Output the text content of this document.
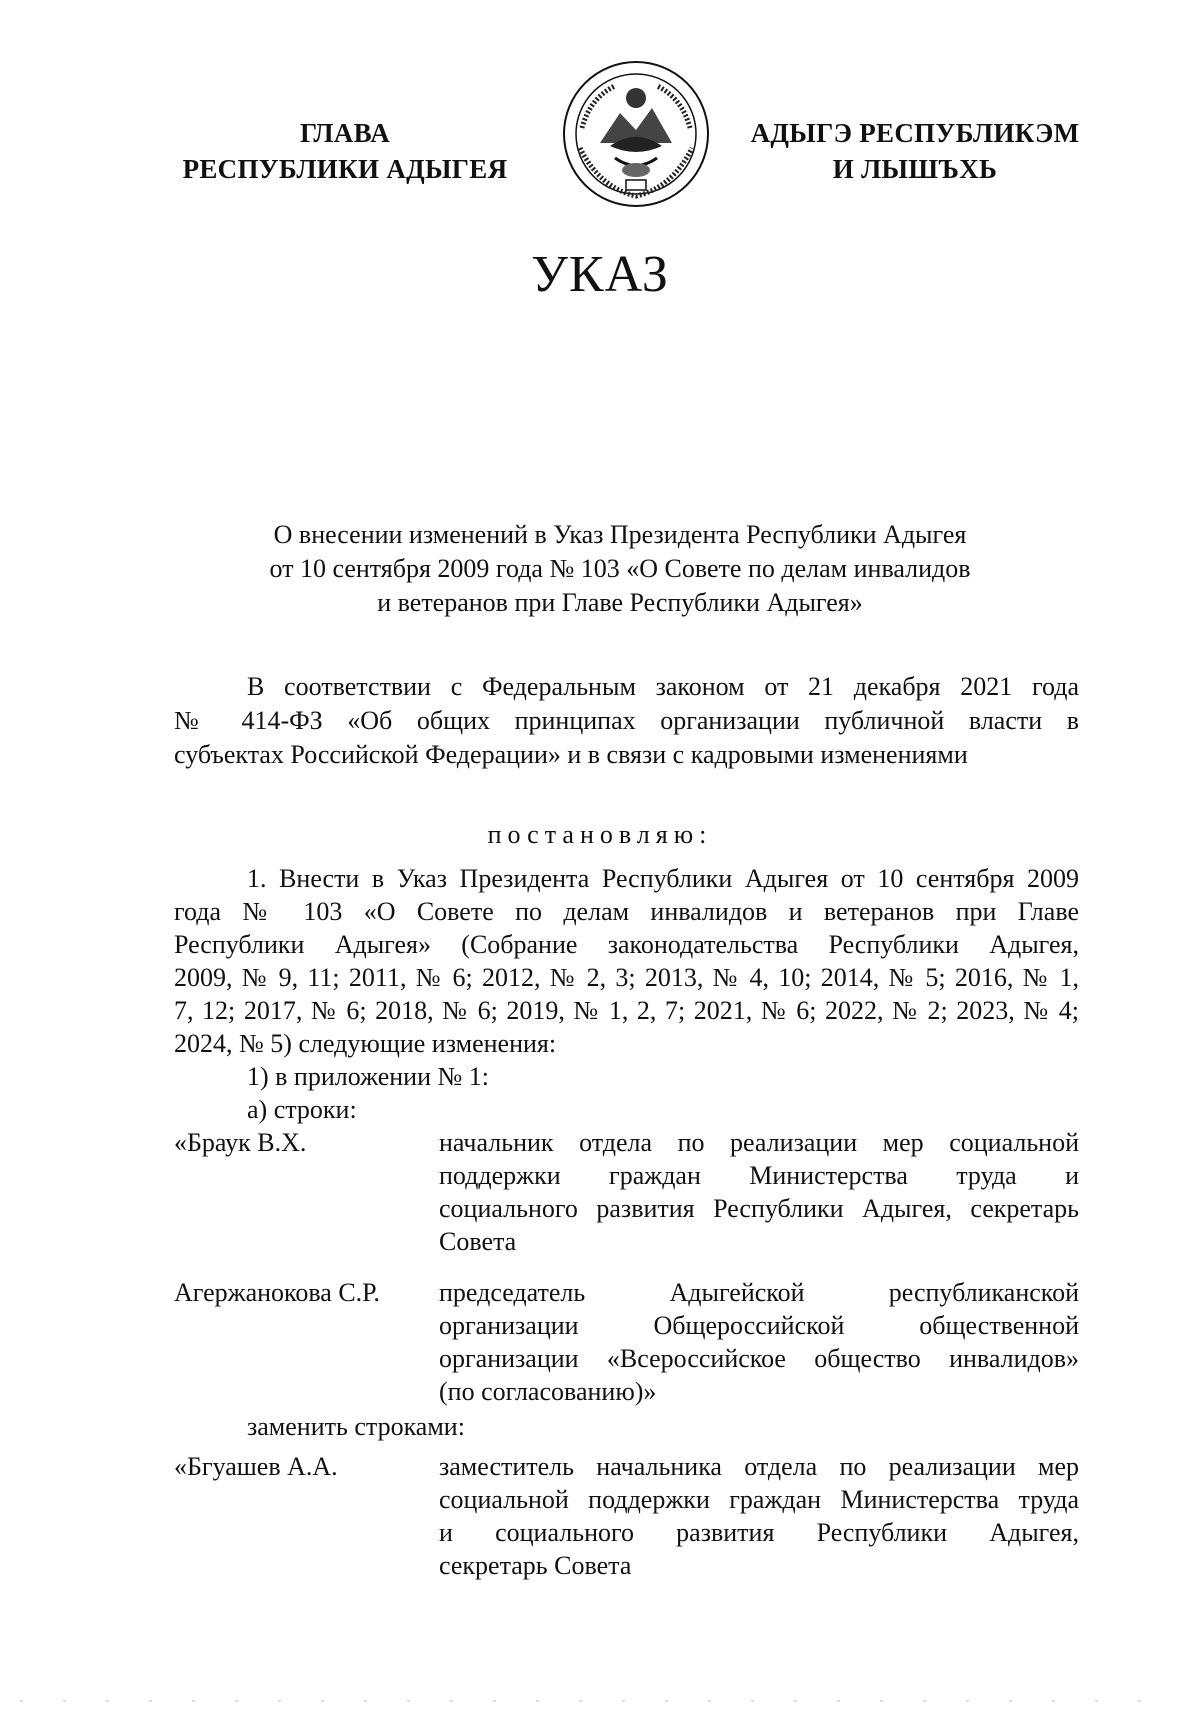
ГЛАВА
РЕСПУБЛИКИ АДЫГЕЯ
АДЫГЭ РЕСПУБЛИКЭМ
И ЛЫШЪХЬ
УКАЗ
О внесении изменений в Указ Президента Республики Адыгея
от 10 сентября 2009 года № 103 «О Совете по делам инвалидов
и ветеранов при Главе Республики Адыгея»
В соответствии с Федеральным законом от 21 декабря 2021 года
№ 414-ФЗ «Об общих принципах организации публичной власти в
субъектах Российской Федерации» и в связи с кадровыми изменениями
постановляю:
1. Внести в Указ Президента Республики Адыгея от 10 сентября 2009
года № 103 «О Совете по делам инвалидов и ветеранов при Главе
Республики Адыгея» (Собрание законодательства Республики Адыгея,
2009, № 9, 11; 2011, № 6; 2012, № 2, 3; 2013, № 4, 10; 2014, № 5; 2016, № 1,
7, 12; 2017, № 6; 2018, № 6; 2019, № 1, 2, 7; 2021, № 6; 2022, № 2; 2023, № 4;
2024, № 5) следующие изменения:
1) в приложении № 1:
а) строки:
«Браук В.Х.	начальник отдела по реализации мер социальной
поддержки граждан Министерства труда и
социального развития Республики Адыгея, секретарь
Совета
Агержанокова С.Р.	председатель Адыгейской республиканской
организации Общероссийской общественной
организации «Всероссийское общество инвалидов»
(по согласованию)»
заменить строками:
«Бгуашев А.А.	заместитель начальника отдела по реализации мер
социальной поддержки граждан Министерства труда
и социального развития Республики Адыгея,
секретарь Совета
